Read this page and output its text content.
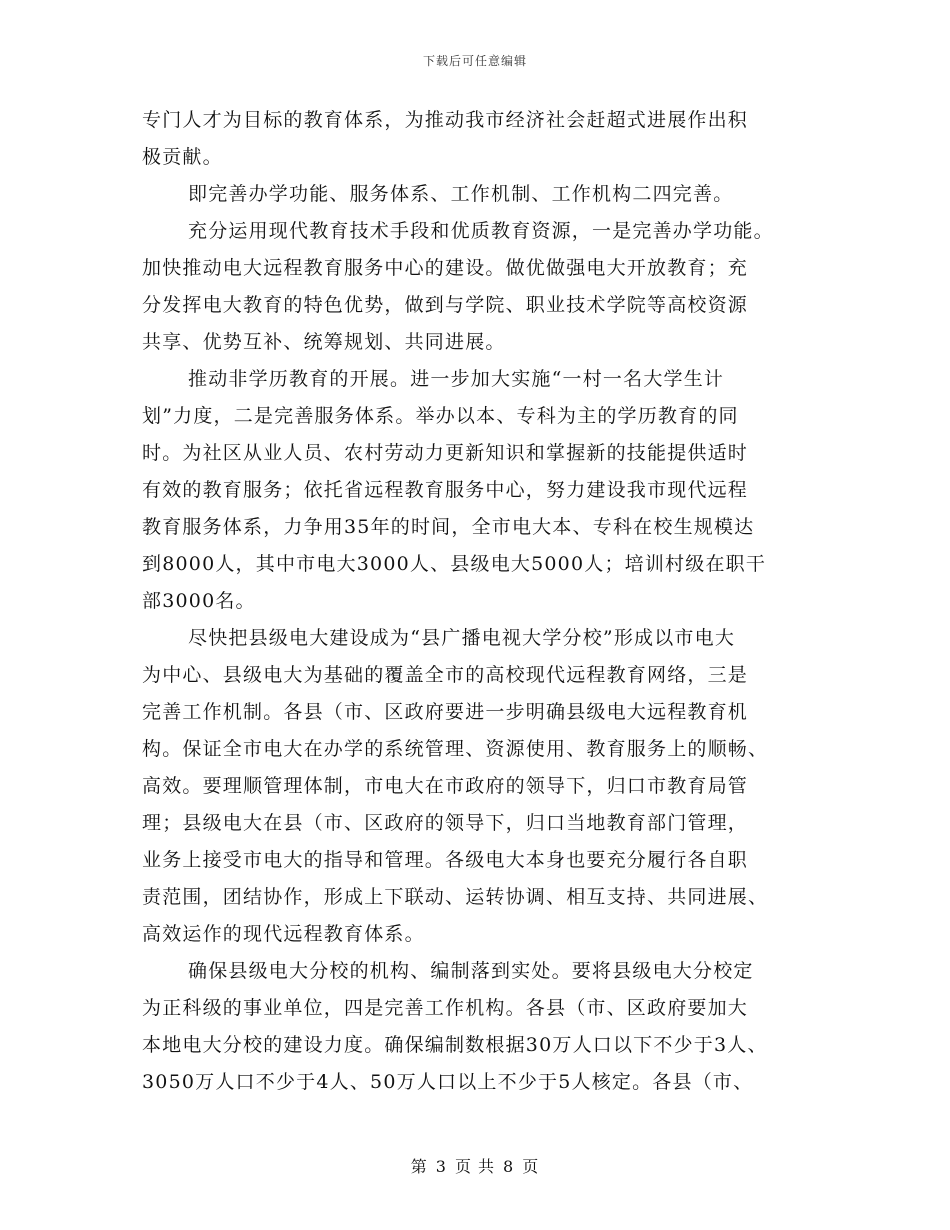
下载后可任意编辑
专门人才为目标的教育体系，为推动我市经济社会赶超式进展作出积
极贡献。
即完善办学功能、服务体系、工作机制、工作机构二四完善。
充分运用现代教育技术手段和优质教育资源，一是完善办学功能。
加快推动电大远程教育服务中心的建设。做优做强电大开放教育；充
分发挥电大教育的特色优势，做到与学院、职业技术学院等高校资源
共享、优势互补、统筹规划、共同进展。
推动非学历教育的开展。进一步加大实施“一村一名大学生计
划”力度，二是完善服务体系。举办以本、专科为主的学历教育的同
时。为社区从业人员、农村劳动力更新知识和掌握新的技能提供适时
有效的教育服务；依托省远程教育服务中心，努力建设我市现代远程
教育服务体系，力争用35年的时间，全市电大本、专科在校生规模达
到8000人，其中市电大3000人、县级电大5000人；培训村级在职干
部3000名。
尽快把县级电大建设成为“县广播电视大学分校”形成以市电大
为中心、县级电大为基础的覆盖全市的高校现代远程教育网络，三是
完善工作机制。各县（市、区政府要进一步明确县级电大远程教育机
构。保证全市电大在办学的系统管理、资源使用、教育服务上的顺畅、
高效。要理顺管理体制，市电大在市政府的领导下，归口市教育局管
理；县级电大在县（市、区政府的领导下，归口当地教育部门管理，
业务上接受市电大的指导和管理。各级电大本身也要充分履行各自职
责范围，团结协作，形成上下联动、运转协调、相互支持、共同进展、
高效运作的现代远程教育体系。
确保县级电大分校的机构、编制落到实处。要将县级电大分校定
为正科级的事业单位，四是完善工作机构。各县（市、区政府要加大
本地电大分校的建设力度。确保编制数根据30万人口以下不少于3人、
3050万人口不少于4人、50万人口以上不少于5人核定。各县（市、
第 3 页 共 8 页
